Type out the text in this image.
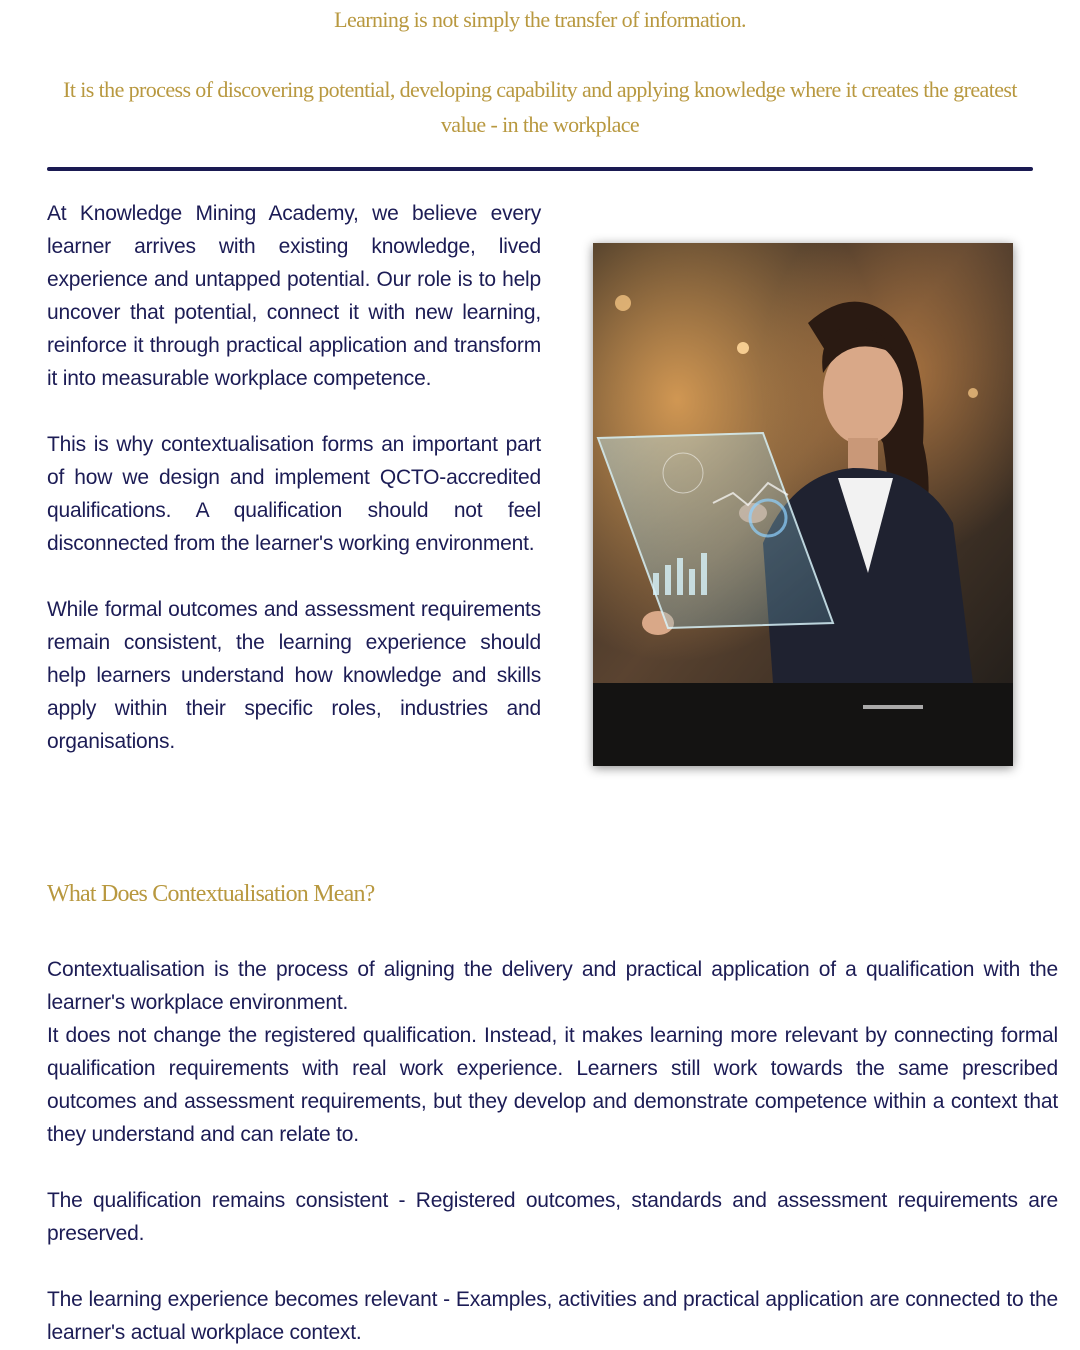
Learning is not simply the transfer of information.
It is the process of discovering potential, developing capability and applying knowledge where it creates the greatest value - in the workplace

At Knowledge Mining Academy, we believe every learner arrives with existing knowledge, lived experience and untapped potential. Our role is to help uncover that potential, connect it with new learning, reinforce it through practical application and transform it into measurable workplace competence.

This is why contextualisation forms an important part of how we design and implement QCTO-accredited qualifications. A qualification should not feel disconnected from the learner's working environment.

While formal outcomes and assessment requirements remain consistent, the learning experience should help learners understand how knowledge and skills apply within their specific roles, industries and organisations.

What Does Contextualisation Mean?

Contextualisation is the process of aligning the delivery and practical application of a qualification with the learner's workplace environment.

It does not change the registered qualification. Instead, it makes learning more relevant by connecting formal qualification requirements with real work experience. Learners still work towards the same prescribed outcomes and assessment requirements, but they develop and demonstrate competence within a context that they understand and can relate to.

The qualification remains consistent - Registered outcomes, standards and assessment requirements are preserved.

The learning experience becomes relevant - Examples, activities and practical application are connected to the learner's actual workplace context.
